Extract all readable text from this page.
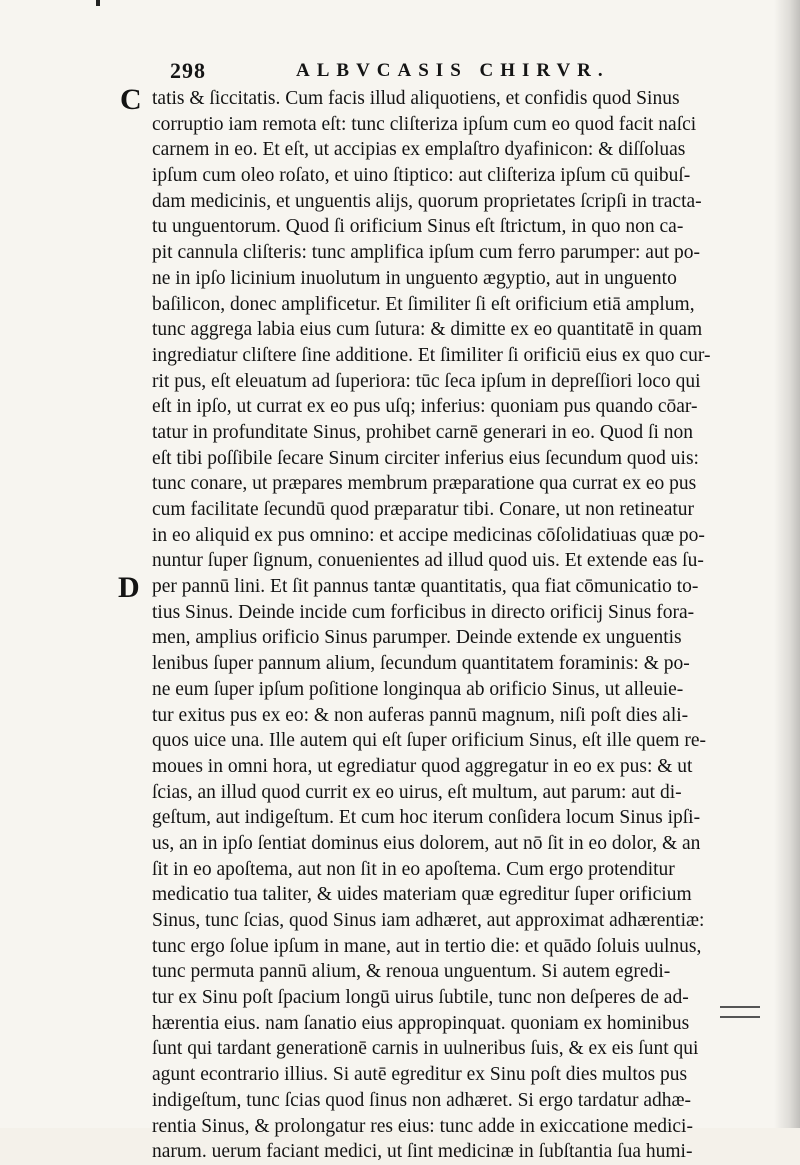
298	ALBVCASIS CHIRVR.
C
D
tatis & ſiccitatis. Cum facis illud aliquotiens, et confidis quod Sinus
corruptio iam remota eſt: tunc cliſteriza ipſum cum eo quod facit naſci
carnem in eo. Et eſt, ut accipias ex emplaſtro dyafinicon: & diſſoluas
ipſum cum oleo roſato, et uino ſtiptico: aut cliſteriza ipſum cū quibuſ-
dam medicinis, et unguentis alijs, quorum proprietates ſcripſi in tracta-
tu unguentorum. Quod ſi orificium Sinus eſt ſtrictum, in quo non ca-
pit cannula cliſteris: tunc amplifica ipſum cum ferro parumper: aut po-
ne in ipſo licinium inuolutum in unguento ægyptio, aut in unguento
baſilicon, donec amplificetur. Et ſimiliter ſi eſt orificium etiā amplum,
tunc aggrega labia eius cum ſutura: & dimitte ex eo quantitatē in quam
ingrediatur cliſtere ſine additione. Et ſimiliter ſi orificiū eius ex quo cur-
rit pus, eſt eleuatum ad ſuperiora: tūc ſeca ipſum in depreſſiori loco qui
eſt in ipſo, ut currat ex eo pus uſq; inferius: quoniam pus quando cōar-
tatur in profunditate Sinus, prohibet carnē generari in eo. Quod ſi non
eſt tibi poſſibile ſecare Sinum circiter inferius eius ſecundum quod uis:
tunc conare, ut præpares membrum præparatione qua currat ex eo pus
cum facilitate ſecundū quod præparatur tibi. Conare, ut non retineatur
in eo aliquid ex pus omnino: et accipe medicinas cōſolidatiuas quæ po-
nuntur ſuper ſignum, conuenientes ad illud quod uis. Et extende eas ſu-
per pannū lini. Et ſit pannus tantæ quantitatis, qua fiat cōmunicatio to-
tius Sinus. Deinde incide cum forficibus in directo orificij Sinus fora-
men, amplius orificio Sinus parumper. Deinde extende ex unguentis
lenibus ſuper pannum alium, ſecundum quantitatem foraminis: & po-
ne eum ſuper ipſum poſitione longinqua ab orificio Sinus, ut alleuie-
tur exitus pus ex eo: & non auferas pannū magnum, niſi poſt dies ali-
quos uice una. Ille autem qui eſt ſuper orificium Sinus, eſt ille quem re-
moues in omni hora, ut egrediatur quod aggregatur in eo ex pus: & ut
ſcias, an illud quod currit ex eo uirus, eſt multum, aut parum: aut di-
geſtum, aut indigeſtum. Et cum hoc iterum conſidera locum Sinus ipſi-
us, an in ipſo ſentiat dominus eius dolorem, aut nō ſit in eo dolor, & an
ſit in eo apoſtema, aut non ſit in eo apoſtema. Cum ergo protenditur
medicatio tua taliter, & uides materiam quæ egreditur ſuper orificium
Sinus, tunc ſcias, quod Sinus iam adhæret, aut approximat adhærentiæ:
tunc ergo ſolue ipſum in mane, aut in tertio die: et quādo ſoluis uulnus,
tunc permuta pannū alium, & renoua unguentum. Si autem egredi-
tur ex Sinu poſt ſpacium longū uirus ſubtile, tunc non deſperes de ad-
hærentia eius. nam ſanatio eius appropinquat. quoniam ex hominibus
ſunt qui tardant generationē carnis in uulneribus ſuis, & ex eis ſunt qui
agunt econtrario illius. Si autē egreditur ex Sinu poſt dies multos pus
indigeſtum, tunc ſcias quod ſinus non adhæret. Si ergo tardatur adhæ-
rentia Sinus, & prolongatur res eius: tunc adde in exiccatione medici-
narum. uerum faciant medici, ut ſint medicinæ in ſubſtantia ſua humi-
